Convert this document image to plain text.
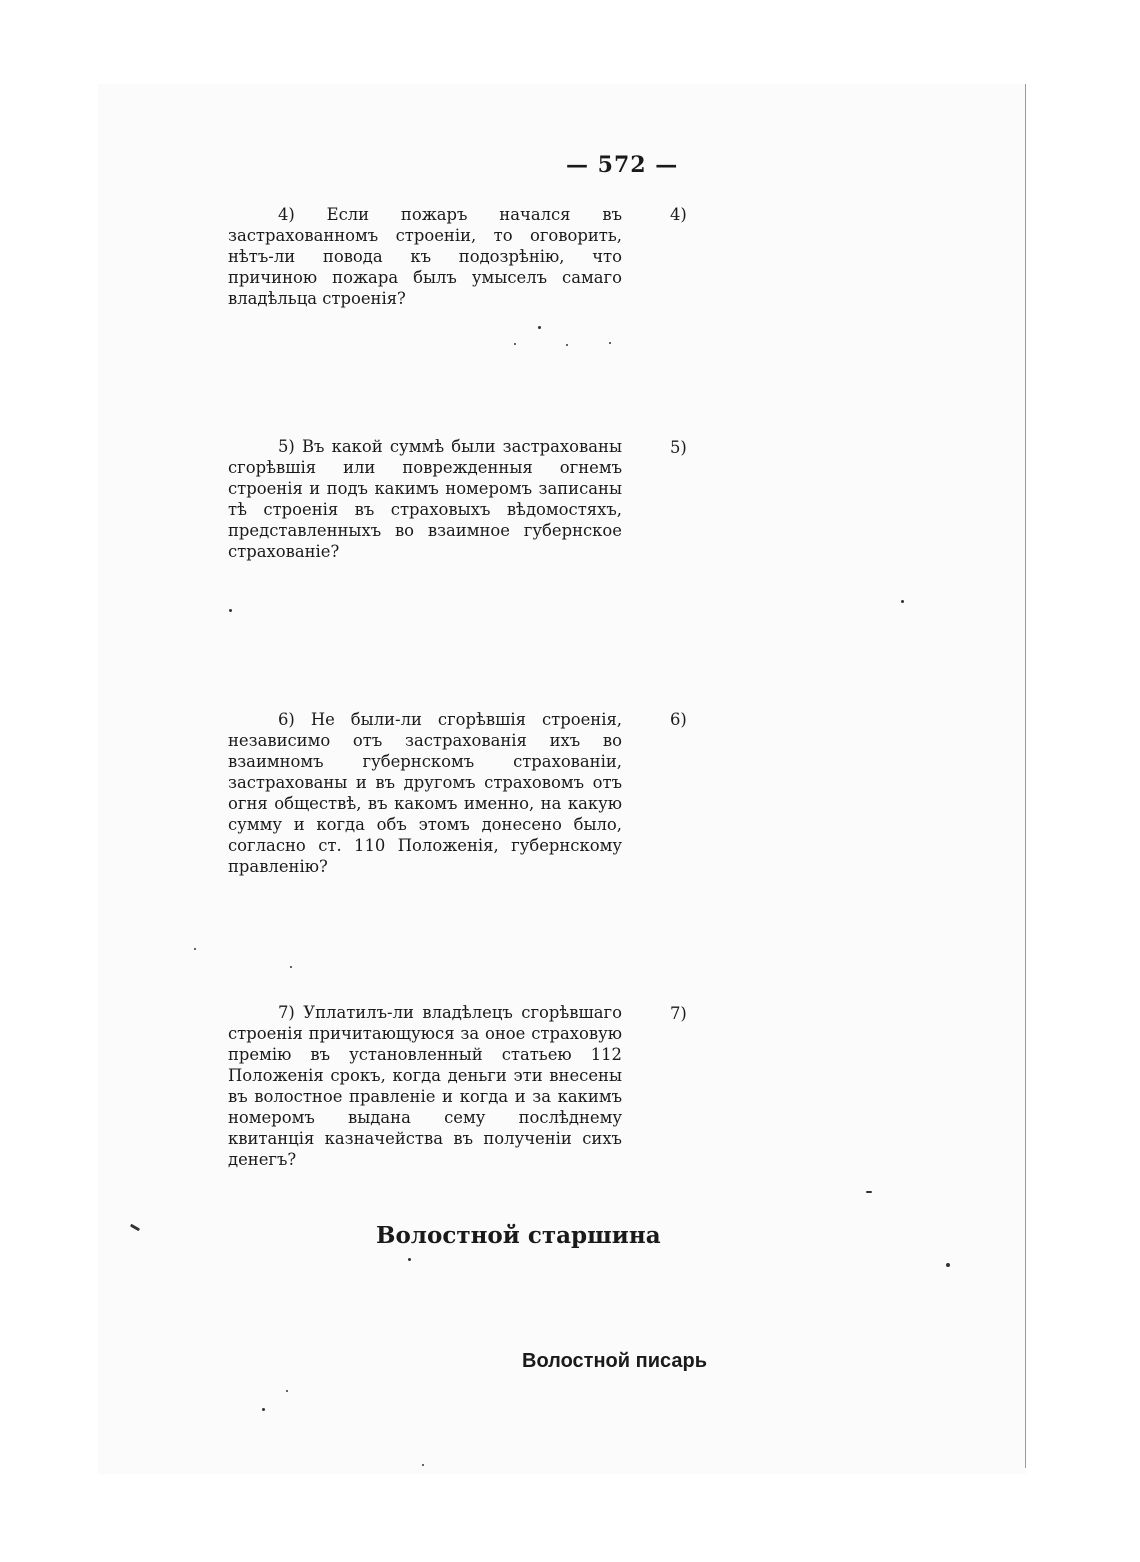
— 572 —
4) Если пожаръ начался въ застрахованномъ строеніи, то оговорить, нѣтъ-ли повода къ подозрѣнію, что причиною пожара былъ умыселъ самаго владѣльца строенія?
4)
5) Въ какой суммѣ были застрахованы сгорѣвшія или поврежденныя огнемъ строенія и подъ какимъ номеромъ записаны тѣ строенія въ страховыхъ вѣдомостяхъ, представленныхъ во взаимное губернское страхованіе?
5)
6) Не были-ли сгорѣвшія строенія, независимо отъ застрахованія ихъ во взаимномъ губернскомъ страхованіи, застрахованы и въ другомъ страховомъ отъ огня обществѣ, въ какомъ именно, на какую сумму и когда объ этомъ донесено было, согласно ст. 110 Положенія, губернскому правленію?
6)
7) Уплатилъ-ли владѣлецъ сгорѣвшаго строенія причитающуюся за оное страховую премію въ установленный статьею 112 Положенія срокъ, когда деньги эти внесены въ волостное правленіе и когда и за какимъ номеромъ выдана сему послѣднему квитанція казначейства въ полученіи сихъ денегъ?
7)
Волостной старшина
Волостной писарь
